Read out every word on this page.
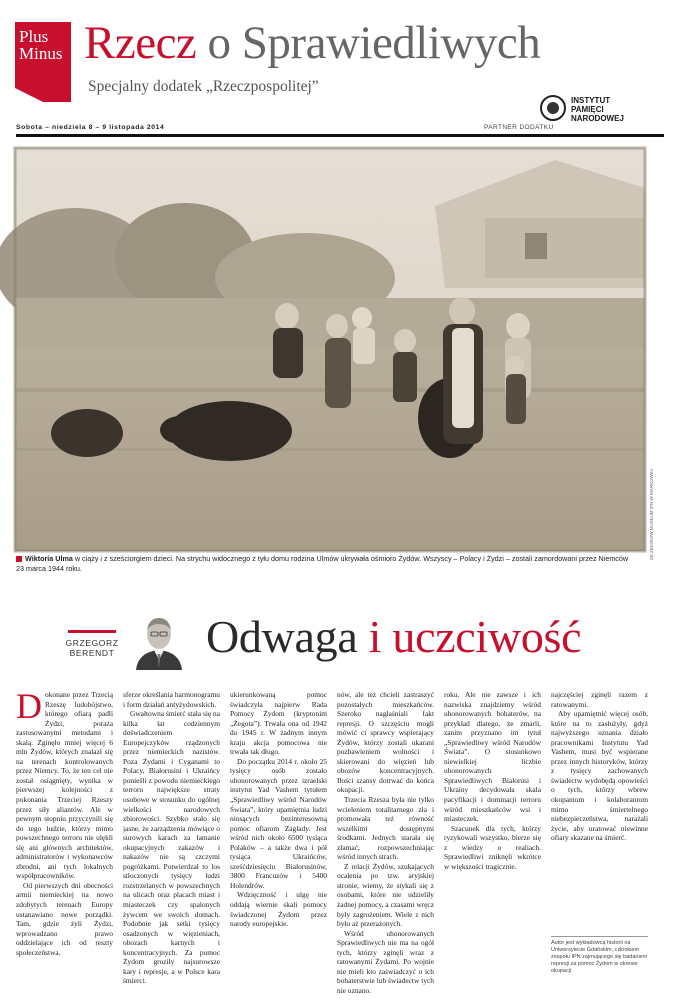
Plus
Minus Rzecz o Sprawiedliwych
Specjalny dodatek „Rzeczpospolitej”
INSTYTUT
PAMIĘCI
NARODOWEJ
Sobota – niedziela 8 – 9 listopada 2014	PARTNER DODATKU
ZE ZBIORÓW MUZEUM IPN W MARKOWEJ
Wiktoria Ulma w ciąży i z sześciorgiem dzieci. Na strychu widocznego z tyłu domu rodzina Ulmów ukrywała ośmioro Żydów. Wszyscy – Polacy i Żydzi – zostali zamordowani przez Niemców 23 marca 1944 roku.
GRZEGORZ
BERENDT Odwaga i uczciwość

Dokonane przez Trzecią Rzeszę ludobójstwo, którego ofiarą padli Żydzi, poraża zastosowanymi metodami i skalą. Zginęło mniej więcej 6 mln Żydów, których znalazł się na terenach kontrolowanych przez Niemcy. To, że ten cel nie został osiągnięty, wynika w pierwszej kolejności z pokonania Trzeciej Rzeszy przez siły aliantów. Ale w pewnym stopniu przyczynili się do tego ludzie, którzy mimo powszechnego terroru nie ulękli się ani głównych architektów, administratorów i wykonawców zbrodni, ani tych lokalnych współpracowników.

Od pierwszych dni obecności armii niemieckiej na nowo zdobytych terenach Europy ustanawiano nowe porządki. Tam, gdzie żyli Żydzi, wprowadzano prawo oddzielające ich od reszty społeczeństwa.

sferze określania harmonogramu i form działań antyżydowskich.

Gwałtowna śmierć stała się na kilka lat codziennym doświadczeniem Europejczyków rządzonych przez niemieckich nazistów. Poza Żydami i Cyganami to Polacy, Białorusini i Ukraińcy ponieśli z powodu niemieckiego terroru największe straty osobowe w stosunku do ogólnej wielkości narodowych zbiorowości. Szybko stało się jasne, że zarządzenia mówiące o surowych karach za łamanie okupacyjnych zakazów i nakazów nie są czczymi pogróżkami. Potwierdzał to los stłoczonych tysięcy ludzi rozstrzelanych w powszechnych na ulicach oraz placach miast i miasteczek czy spalonych żywcem we swoich domach. Podobnie jak setki tysięcy osadzonych w więzieniach, obozach karnych i koncentracyjnych. Za pomoc Żydom groziły najsurowsze kary i represje, a w Polsce kara śmierci.

ukierunkowaną pomoc świadczyła najpierw Rada Pomocy Żydom (kryptonim „Żegota”). Trwała ona od 1942 do 1945 r. W żadnym innym kraju akcja pomocowa nie trwała tak długo.

Do początku 2014 r. około 25 tysięcy osób zostało uhonorowanych przez izraelski instytut Yad Vashem tytułem „Sprawiedliwy wśród Narodów Świata”, który upamiętnia ludzi niosących bezinteresowną pomoc ofiarom Zagłady. Jest wśród nich około 6500 tysiąca Polaków – a także dwa i pół tysiąca Ukraińców, sześćdziesięciu Białorusinów, 3800 Francuzów i 5400 Holendrów.

Wdzięczność i ulgę nie oddają wiernie skali pomocy świadczonej Żydom przez narody europejskie.

nów, ale też chcieli zastraszyć pozostałych mieszkańców. Szeroko nagłaśniali fakt represji. O szczęściu mogli mówić ci sprawcy wspierający Żydów, którzy zostali ukarani pozbawieniem wolności i skierowani do więzień lub obozów koncentracyjnych. Ilości szansy dotrwać do końca okupacji.

Trzecia Rzesza była nie tylko wcieleniem totalitarnego zła i promowała też równość wszelkimi dostępnymi środkami. Jednych starała się złamać, rozpowszechniając wśród innych strach.

Z relacji Żydów, szukających ocalenia po tzw. aryjskiej stronie, wiemy, że stykali się z osobami, które nie udzieliły żadnej pomocy, a czasami wręcz były zagrożeniem. Wiele z nich było aż przerażonych.

Wśród uhonorowanych Sprawiedliwych nie ma na ogół tych, którzy zginęli wraz z ratowanymi Żydami. Po wojnie nie mieli kto zaświadczyć o ich bohaterstwie lub świadectw tych nie uznano.

roku. Ale nie zawsze i ich nazwiska znajdziemy wśród uhonorowanych bohaterów, na przykład dlatego, że zmarli, zanim przyznano im tytuł „Sprawiedliwy wśród Narodów Świata”. O stosunkowo niewielkiej liczbie uhonorowanych Sprawiedliwych Białorusi i Ukrainy decydowała skala pacyfikacji i dominacji terroru wśród mieszkańców wsi i miasteczek.

Szacunek dla tych, którzy ryzykowali wszystko, bierze się z wiedzy o realiach. Sprawiedliwi zniknęli wkrótce w większości tragicznie.

najczęściej zginęli razem z ratowanymi.

Aby upamiętnić więcej osób, które na to zasłużyły, gdyż najwyższego uznania działo pracownikami Instytutu Yad Vashem, musi być wspierane przez innych historyków, którzy z tysięcy zachowanych świadectw wydobędą opowieści o tych, którzy wbrew okupantom i kolaborantom mimo śmiertelnego niebezpieczeństwa, narażali życie, aby uratować niewinne ofiary skazane na śmierć.

Autor jest wykładowcą historii na Uniwersytecie Gdańskim, członkiem zespołu IPN zajmującego się badaniem represji za pomoc Żydom w okresie okupacji
